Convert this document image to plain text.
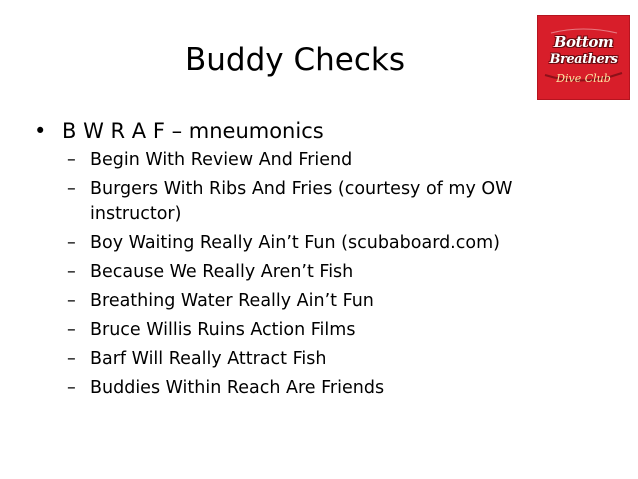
Buddy Checks	Bottom
Breathers
Dive Club
• B W R A F – mneumonics
– Begin With Review And Friend
– Burgers With Ribs And Fries (courtesy of my OW instructor)
– Boy Waiting Really Ain’t Fun (scubaboard.com)
– Because We Really Aren’t Fish
– Breathing Water Really Ain’t Fun
– Bruce Willis Ruins Action Films
– Barf Will Really Attract Fish
– Buddies Within Reach Are Friends
